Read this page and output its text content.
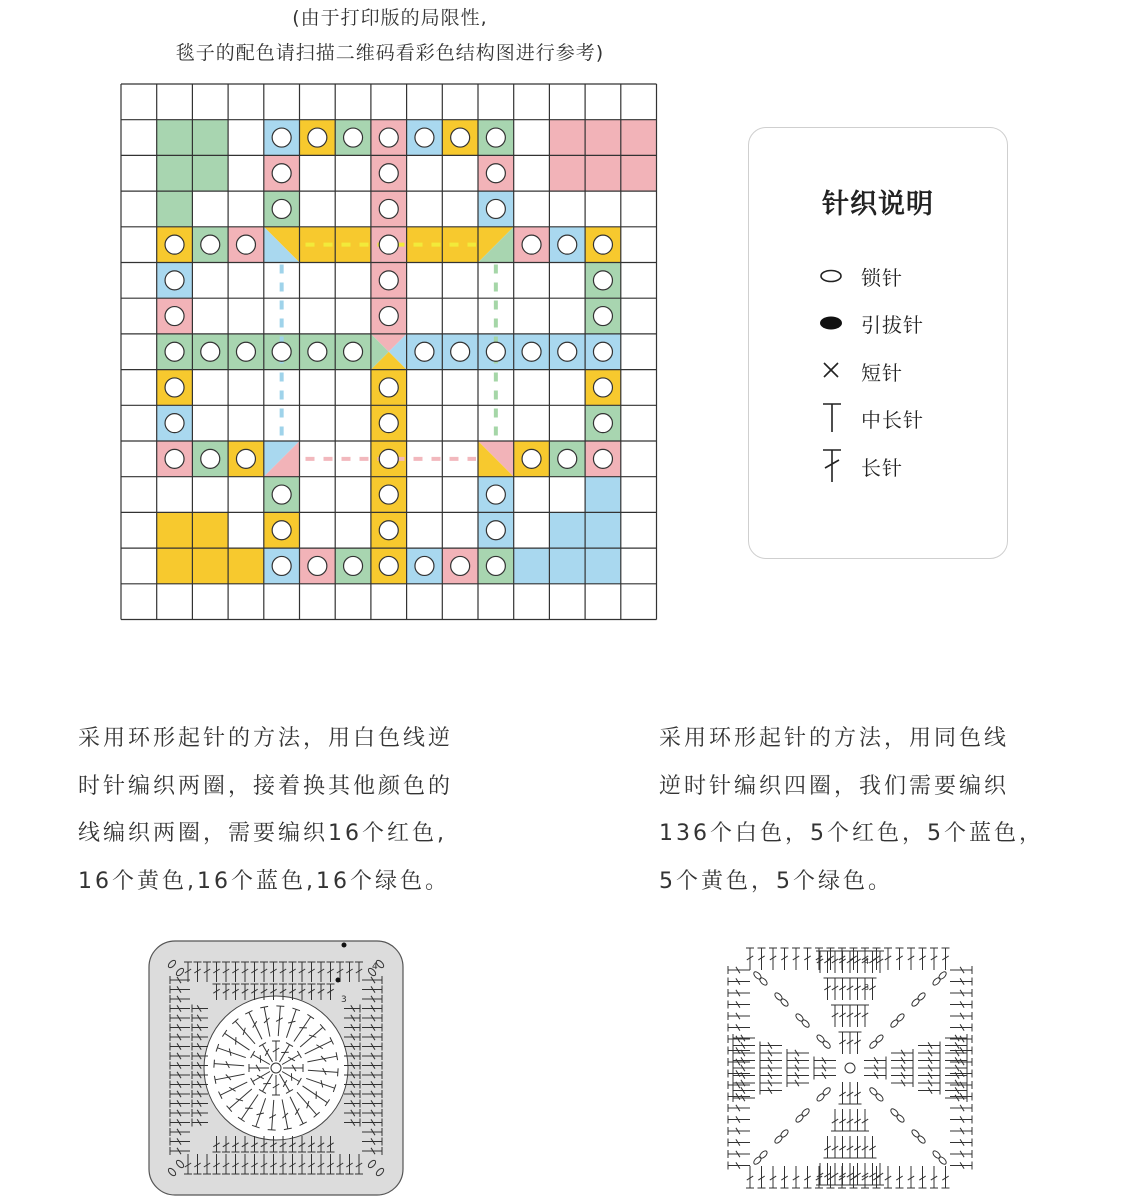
(由于打印版的局限性,
毯子的配色请扫描二维码看彩色结构图进行参考)
针织说明
锁针
引拔针
短针
中长针
长针
采用环形起针的方法，用白色线逆
时针编织两圈，接着换其他颜色的
线编织两圈，需要编织16个红色,
16个黄色,16个蓝色,16个绿色。
采用环形起针的方法，用同色线
逆时针编织四圈，我们需要编织
136个白色，5个红色，5个蓝色，
5个黄色，5个绿色。
4
3
4
3
